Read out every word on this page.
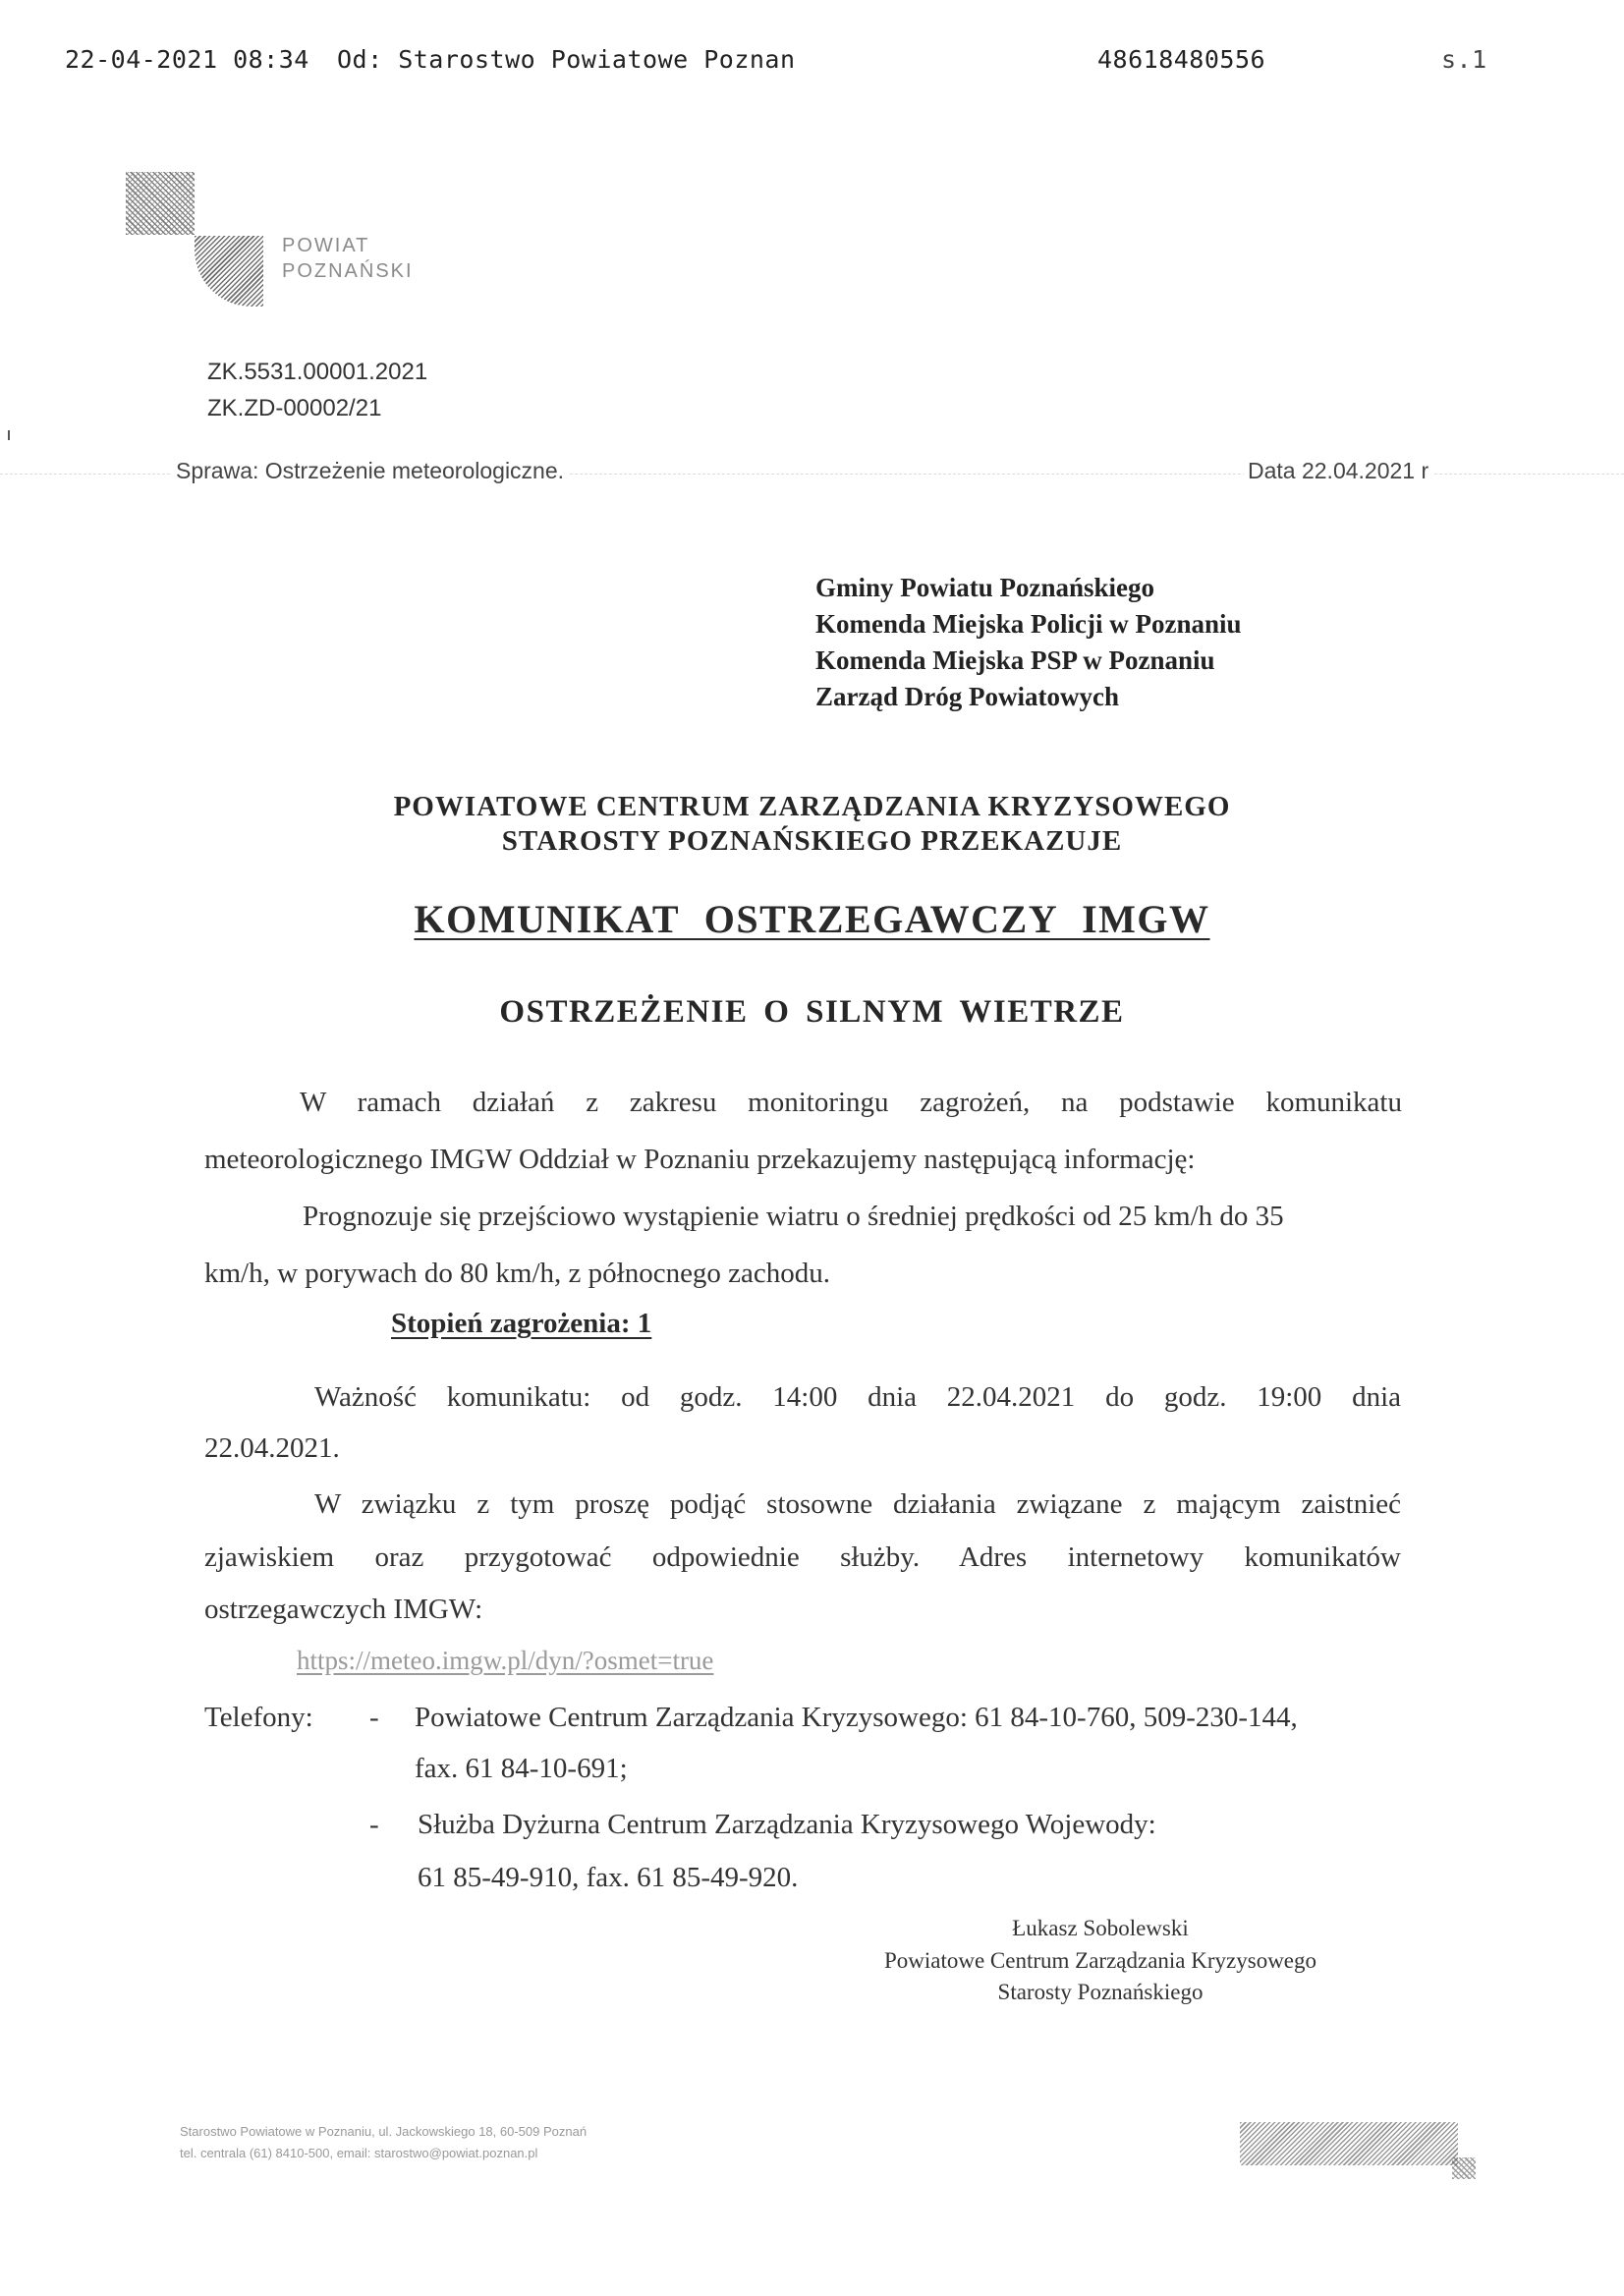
22-04-2021 08:34 Od: Starostwo Powiatowe Poznan	48618480556	s.1
POWIAT
POZNAŃSKI
ZK.5531.00001.2021
ZK.ZD-00002/21
Sprawa: Ostrzeżenie meteorologiczne.	Data 22.04.2021 r
Gminy Powiatu Poznańskiego
Komenda Miejska Policji w Poznaniu
Komenda Miejska PSP w Poznaniu
Zarząd Dróg Powiatowych
POWIATOWE CENTRUM ZARZĄDZANIA KRYZYSOWEGO
STAROSTY POZNAŃSKIEGO PRZEKAZUJE
KOMUNIKAT OSTRZEGAWCZY IMGW
OSTRZEŻENIE O SILNYM WIETRZE
W ramach działań z zakresu monitoringu zagrożeń, na podstawie komunikatu
meteorologicznego IMGW Oddział w Poznaniu przekazujemy następującą informację:
Prognozuje się przejściowo wystąpienie wiatru o średniej prędkości od 25 km/h do 35
km/h, w porywach do 80 km/h, z północnego zachodu.
Stopień zagrożenia: 1
Ważność komunikatu: od godz. 14:00 dnia 22.04.2021 do godz. 19:00 dnia
22.04.2021.
W związku z tym proszę podjąć stosowne działania związane z mającym zaistnieć
zjawiskiem oraz przygotować odpowiednie służby. Adres internetowy komunikatów
ostrzegawczych IMGW:
https://meteo.imgw.pl/dyn/?osmet=true
Telefony: - Powiatowe Centrum Zarządzania Kryzysowego: 61 84-10-760, 509-230-144,
fax. 61 84-10-691;
- Służba Dyżurna Centrum Zarządzania Kryzysowego Wojewody:
61 85-49-910, fax. 61 85-49-920.
Łukasz Sobolewski
Powiatowe Centrum Zarządzania Kryzysowego
Starosty Poznańskiego
Starostwo Powiatowe w Poznaniu, ul. Jackowskiego 18, 60-509 Poznań
tel. centrala (61) 8410-500, email: starostwo@powiat.poznan.pl
